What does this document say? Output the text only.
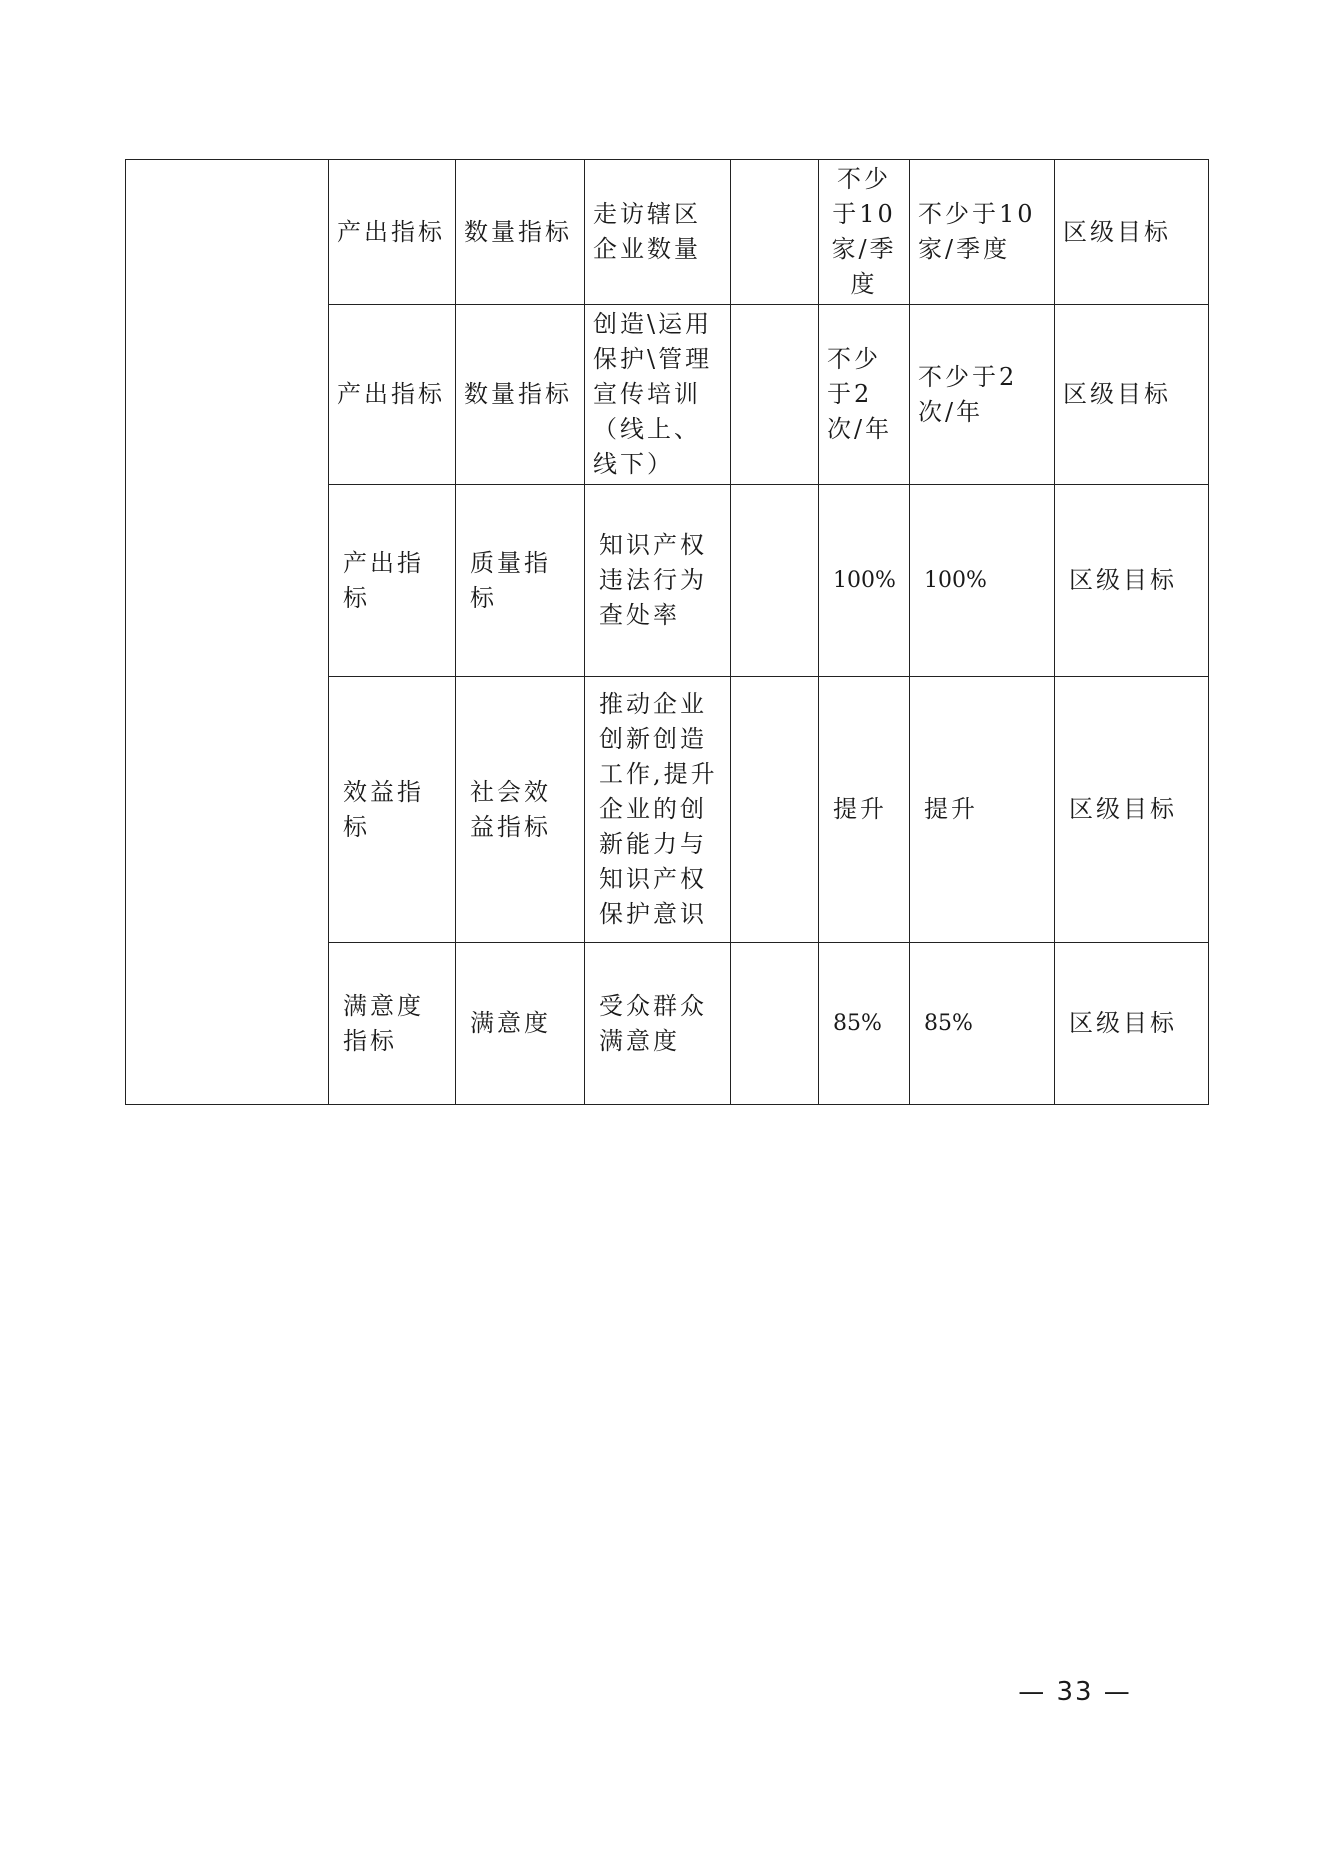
	产出指标	数量指标	走访辖区企业数量		不少于10家/季度	不少于10家/季度	区级目标
	产出指标	数量指标	创造\运用保护\管理宣传培训（线上、线下）		不少于2次/年	不少于2次/年	区级目标
	产出指标	质量指标	知识产权违法行为查处率		100%	100%	区级目标
	效益指标	社会效益指标	推动企业创新创造工作,提升企业的创新能力与知识产权保护意识		提升	提升	区级目标
	满意度指标	满意度	受众群众满意度		85%	85%	区级目标
— 33 —
